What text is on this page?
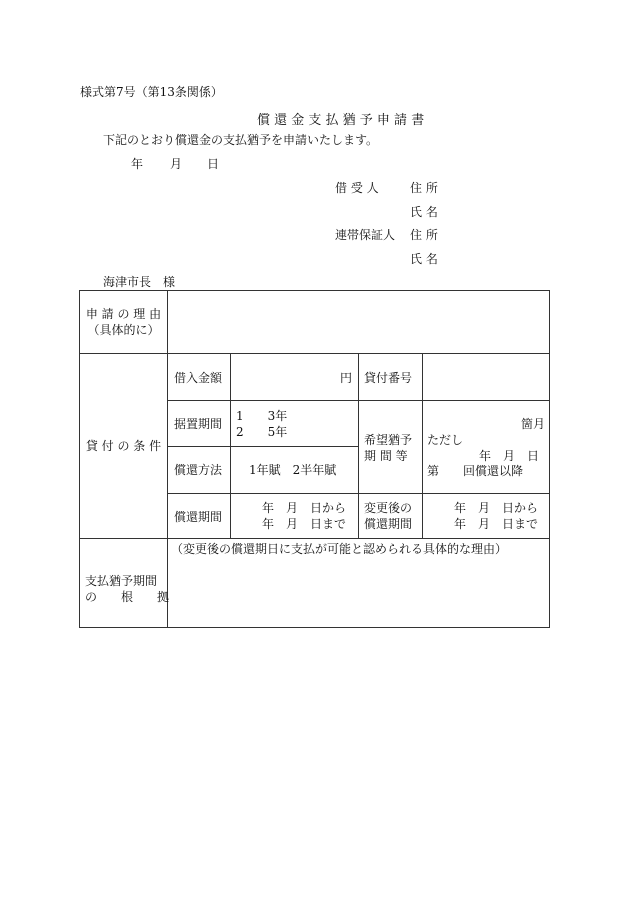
様式第7号（第13条関係）
償 還 金 支 払 猶 予 申 請 書
下記のとおり償還金の支払猶予を申請いたします。
年 月 日
借 受 人	住 所
氏 名
連帯保証人 住 所
氏 名
海津市長　様
申 請 の 理 由
（具体的に）
貸 付 の 条 件
借入金額	円 貸付番号
据置期間
1　　3年
2　　5年
希望猶予
期 間 等
箇月
ただし
年　月　日
第　　回償還以降
償還方法 1年賦　2半年賦
償還期間
年　月　日から
年　月　日まで
変更後の
償還期間
年　月　日から
年　月　日まで
支払猶予期間
の　　根　　拠
（変更後の償還期日に支払が可能と認められる具体的な理由）
